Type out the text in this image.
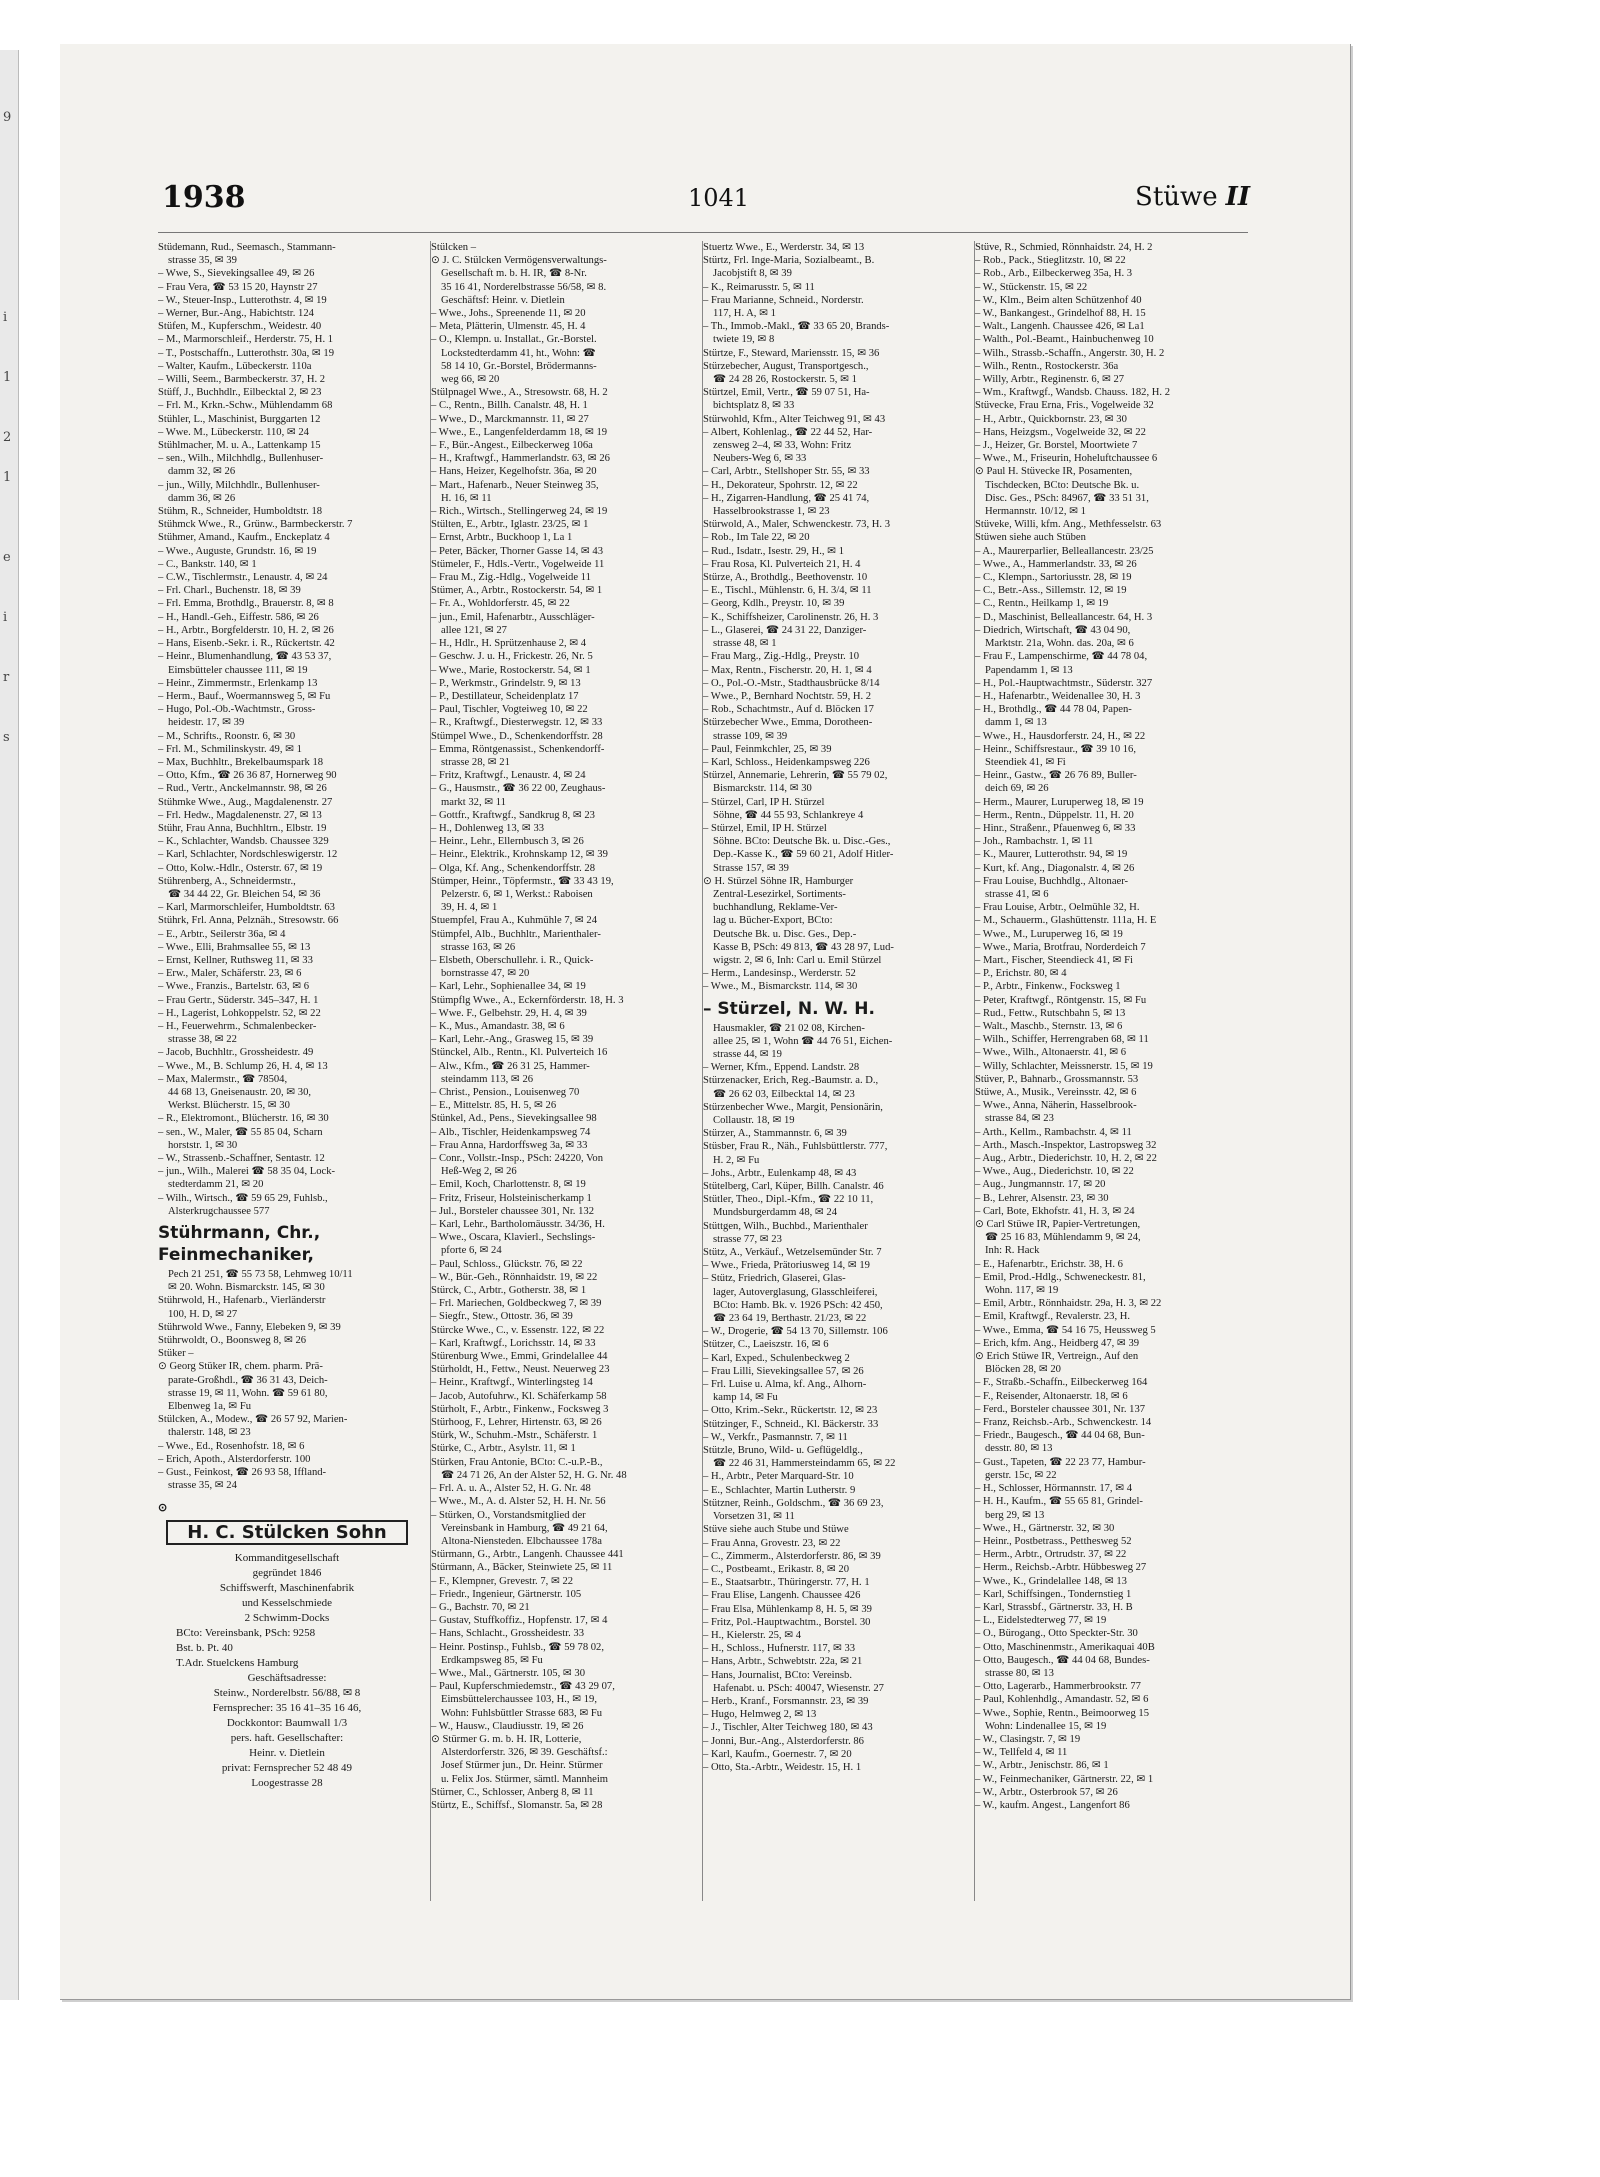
9
i
1
2
1
e
i
r
s
1938	1041	Stüwe II
Stüdemann, Rud., Seemasch., Stammann-
strasse 35, ✉ 39
– Wwe, S., Sievekingsallee 49, ✉ 26
– Frau Vera, ☎ 53 15 20, Haynstr 27
– W., Steuer-Insp., Lutterothstr. 4, ✉ 19
– Werner, Bur.-Ang., Habichtstr. 124
Stüfen, M., Kupferschm., Weidestr. 40
– M., Marmorschleif., Herderstr. 75, H. 1
– T., Postschaffn., Lutterothstr. 30a, ✉ 19
– Walter, Kaufm., Lübeckerstr. 110a
– Willi, Seem., Barmbeckerstr. 37, H. 2
Stüff, J., Buchhdlr., Eilbecktal 2, ✉ 23
– Frl. M., Krkn.-Schw., Mühlendamm 68
Stühler, L., Maschinist, Burggarten 12
– Wwe. M., Lübeckerstr. 110, ✉ 24
Stühlmacher, M. u. A., Lattenkamp 15
– sen., Wilh., Milchhdlg., Bullenhuser-
damm 32, ✉ 26
– jun., Willy, Milchhdlr., Bullenhuser-
damm 36, ✉ 26
Stühm, R., Schneider, Humboldtstr. 18
Stühmck Wwe., R., Grünw., Barmbeckerstr. 7
Stühmer, Amand., Kaufm., Enckeplatz 4
– Wwe., Auguste, Grundstr. 16, ✉ 19
– C., Bankstr. 140, ✉ 1
– C.W., Tischlermstr., Lenaustr. 4, ✉ 24
– Frl. Charl., Buchenstr. 18, ✉ 39
– Frl. Emma, Brothdlg., Brauerstr. 8, ✉ 8
– H., Handl.-Geh., Eiffestr. 586, ✉ 26
– H., Arbtr., Borgfelderstr. 10, H. 2, ✉ 26
– Hans, Eisenb.-Sekr. i. R., Rückertstr. 42
– Heinr., Blumenhandlung, ☎ 43 53 37,
Eimsbütteler chaussee 111, ✉ 19
– Heinr., Zimmermstr., Erlenkamp 13
– Herm., Bauf., Woermannsweg 5, ✉ Fu
– Hugo, Pol.-Ob.-Wachtmstr., Gross-
heidestr. 17, ✉ 39
– M., Schrifts., Roonstr. 6, ✉ 30
– Frl. M., Schmilinskystr. 49, ✉ 1
– Max, Buchhltr., Brekelbaumspark 18
– Otto, Kfm., ☎ 26 36 87, Hornerweg 90
– Rud., Vertr., Anckelmannstr. 98, ✉ 26
Stühmke Wwe., Aug., Magdalenenstr. 27
– Frl. Hedw., Magdalenenstr. 27, ✉ 13
Stühr, Frau Anna, Buchhltrn., Elbstr. 19
– K., Schlachter, Wandsb. Chaussee 329
– Karl, Schlachter, Nordschleswigerstr. 12
– Otto, Kolw.-Hdlr., Osterstr. 67, ✉ 19
Stührenberg, A., Schneidermstr.,
☎ 34 44 22, Gr. Bleichen 54, ✉ 36
– Karl, Marmorschleifer, Humboldtstr. 63
Stührk, Frl. Anna, Pelznäh., Stresowstr. 66
– E., Arbtr., Seilerstr 36a, ✉ 4
– Wwe., Elli, Brahmsallee 55, ✉ 13
– Ernst, Kellner, Ruthsweg 11, ✉ 33
– Erw., Maler, Schäferstr. 23, ✉ 6
– Wwe., Franzis., Bartelstr. 63, ✉ 6
– Frau Gertr., Süderstr. 345–347, H. 1
– H., Lagerist, Lohkoppelstr. 52, ✉ 22
– H., Feuerwehrm., Schmalenbecker-
strasse 38, ✉ 22
– Jacob, Buchhltr., Grossheidestr. 49
– Wwe., M., B. Schlump 26, H. 4, ✉ 13
– Max, Malermstr., ☎ 78504,
44 68 13, Gneisenaustr. 20, ✉ 30,
Werkst. Blücherstr. 15, ✉ 30
– R., Elektromont., Blücherstr. 16, ✉ 30
– sen., W., Maler, ☎ 55 85 04, Scharn
horststr. 1, ✉ 30
– W., Strassenb.-Schaffner, Sentastr. 12
– jun., Wilh., Malerei ☎ 58 35 04, Lock-
stedterdamm 21, ✉ 20
– Wilh., Wirtsch., ☎ 59 65 29, Fuhlsb.,
Alsterkrugchaussee 577
Stührmann, Chr., Feinmechaniker,
Pech 21 251, ☎ 55 73 58, Lehmweg 10/11
✉ 20. Wohn. Bismarckstr. 145, ✉ 30
Stührwold, H., Hafenarb., Vierländerstr
100, H. D, ✉ 27
Stührwold Wwe., Fanny, Elebeken 9, ✉ 39
Stührwoldt, O., Boonsweg 8, ✉ 26
Stüker –
⊙ Georg Stüker IR, chem. pharm. Prä-
parate-Großhdl., ☎ 36 31 43, Deich-
strasse 19, ✉ 11, Wohn. ☎ 59 61 80,
Elbenweg 1a, ✉ Fu
Stülcken, A., Modew., ☎ 26 57 92, Marien-
thalerstr. 148, ✉ 23
– Wwe., Ed., Rosenhofstr. 18, ✉ 6
– Erich, Apoth., Alsterdorferstr. 100
– Gust., Feinkost, ☎ 26 93 58, Iffland-
strasse 35, ✉ 24
⊙
H. C. Stülcken Sohn
Kommanditgesellschaft
gegründet 1846
Schiffswerft, Maschinenfabrik
und Kesselschmiede
2 Schwimm-Docks
BCto: Vereinsbank, PSch: 9258
Bst. b. Pt. 40
T.Adr. Stuelckens Hamburg
Geschäftsadresse:
Steinw., Norderelbstr. 56/88, ✉ 8
Fernsprecher: 35 16 41–35 16 46,
Dockkontor: Baumwall 1/3
pers. haft. Gesellschafter:
Heinr. v. Dietlein
privat: Fernsprecher 52 48 49
Loogestrasse 28
Stülcken –
⊙ J. C. Stülcken Vermögensverwaltungs-
Gesellschaft m. b. H. IR, ☎ 8-Nr.
35 16 41, Norderelbstrasse 56/58, ✉ 8.
Geschäftsf: Heinr. v. Dietlein
– Wwe., Johs., Spreenende 11, ✉ 20
– Meta, Plätterin, Ulmenstr. 45, H. 4
– O., Klempn. u. Installat., Gr.-Borstel.
Lockstedterdamm 41, ht., Wohn: ☎
58 14 10, Gr.-Borstel, Brödermanns-
weg 66, ✉ 20
Stülpnagel Wwe., A., Stresowstr. 68, H. 2
– C., Rentn., Billh. Canalstr. 48, H. 1
– Wwe., D., Marckmannstr. 11, ✉ 27
– Wwe., E., Langenfelderdamm 18, ✉ 19
– F., Bür.-Angest., Eilbeckerweg 106a
– H., Kraftwgf., Hammerlandstr. 63, ✉ 26
– Hans, Heizer, Kegelhofstr. 36a, ✉ 20
– Mart., Hafenarb., Neuer Steinweg 35,
H. 16, ✉ 11
– Rich., Wirtsch., Stellingerweg 24, ✉ 19
Stülten, E., Arbtr., Iglastr. 23/25, ✉ 1
– Ernst, Arbtr., Buckhoop 1, La 1
– Peter, Bäcker, Thorner Gasse 14, ✉ 43
Stümeler, F., Hdls.-Vertr., Vogelweide 11
– Frau M., Zig.-Hdlg., Vogelweide 11
Stümer, A., Arbtr., Rostockerstr. 54, ✉ 1
– Fr. A., Wohldorferstr. 45, ✉ 22
– jun., Emil, Hafenarbtr., Ausschläger-
allee 121, ✉ 27
– H., Hdlr., H. Sprützenhause 2, ✉ 4
– Geschw. J. u. H., Frickestr. 26, Nr. 5
– Wwe., Marie, Rostockerstr. 54, ✉ 1
– P., Werkmstr., Grindelstr. 9, ✉ 13
– P., Destillateur, Scheidenplatz 17
– Paul, Tischler, Vogteiweg 10, ✉ 22
– R., Kraftwgf., Diesterwegstr. 12, ✉ 33
Stümpel Wwe., D., Schenkendorffstr. 28
– Emma, Röntgenassist., Schenkendorff-
strasse 28, ✉ 21
– Fritz, Kraftwgf., Lenaustr. 4, ✉ 24
– G., Hausmstr., ☎ 36 22 00, Zeughaus-
markt 32, ✉ 11
– Gottfr., Kraftwgf., Sandkrug 8, ✉ 23
– H., Dohlenweg 13, ✉ 33
– Heinr., Lehr., Ellernbusch 3, ✉ 26
– Heinr., Elektrik., Krohnskamp 12, ✉ 39
– Olga, Kf. Ang., Schenkendorffstr. 28
Stümper, Heinr., Töpfermstr., ☎ 33 43 19,
Pelzerstr. 6, ✉ 1, Werkst.: Raboisen
39, H. 4, ✉ 1
Stuempfel, Frau A., Kuhmühle 7, ✉ 24
Stümpfel, Alb., Buchhltr., Marienthaler-
strasse 163, ✉ 26
– Elsbeth, Oberschullehr. i. R., Quick-
bornstrasse 47, ✉ 20
– Karl, Lehr., Sophienallee 34, ✉ 19
Stümpflg Wwe., A., Eckernförderstr. 18, H. 3
– Wwe. F., Gelbehstr. 29, H. 4, ✉ 39
– K., Mus., Amandastr. 38, ✉ 6
– Karl, Lehr.-Ang., Grasweg 15, ✉ 39
Stünckel, Alb., Rentn., Kl. Pulverteich 16
– Alw., Kfm., ☎ 26 31 25, Hammer-
steindamm 113, ✉ 26
– Christ., Pension., Louisenweg 70
– E., Mittelstr. 85, H. 5, ✉ 26
Stünkel, Ad., Pens., Sievekingsallee 98
– Alb., Tischler, Heidenkampsweg 74
– Frau Anna, Hardorffsweg 3a, ✉ 33
– Conr., Vollstr.-Insp., PSch: 24220, Von
Heß-Weg 2, ✉ 26
– Emil, Koch, Charlottenstr. 8, ✉ 19
– Fritz, Friseur, Holsteinischerkamp 1
– Jul., Borsteler chaussee 301, Nr. 132
– Karl, Lehr., Bartholomäusstr. 34/36, H.
– Wwe., Oscara, Klavierl., Sechslings-
pforte 6, ✉ 24
– Paul, Schloss., Glückstr. 76, ✉ 22
– W., Bür.-Geh., Rönnhaidstr. 19, ✉ 22
Stürck, C., Arbtr., Gotherstr. 38, ✉ 1
– Frl. Mariechen, Goldbeckweg 7, ✉ 39
– Siegfr., Stew., Ottostr. 36, ✉ 39
Stürcke Wwe., C., v. Essenstr. 122, ✉ 22
– Karl, Kraftwgf., Lorichsstr. 14, ✉ 33
Stürenburg Wwe., Emmi, Grindelallee 44
Stürholdt, H., Fettw., Neust. Neuerweg 23
– Heinr., Kraftwgf., Winterlingsteg 14
– Jacob, Autofuhrw., Kl. Schäferkamp 58
Stürholt, F., Arbtr., Finkenw., Focksweg 3
Stürhoog, F., Lehrer, Hirtenstr. 63, ✉ 26
Stürk, W., Schuhm.-Mstr., Schäferstr. 1
Stürke, C., Arbtr., Asylstr. 11, ✉ 1
Stürken, Frau Antonie, BCto: C.-u.P.-B.,
☎ 24 71 26, An der Alster 52, H. G. Nr. 48
– Frl. A. u. A., Alster 52, H. G. Nr. 48
– Wwe., M., A. d. Alster 52, H. H. Nr. 56
– Stürken, O., Vorstandsmitglied der
Vereinsbank in Hamburg, ☎ 49 21 64,
Altona-Niensteden. Elbchaussee 178a
Stürmann, G., Arbtr., Langenh. Chaussee 441
Stürmann, A., Bäcker, Steinwiete 25, ✉ 11
– F., Klempner, Grevestr. 7, ✉ 22
– Friedr., Ingenieur, Gärtnerstr. 105
– G., Bachstr. 70, ✉ 21
– Gustav, Stuffkoffiz., Hopfenstr. 17, ✉ 4
– Hans, Schlacht., Grossheidestr. 33
– Heinr. Postinsp., Fuhlsb., ☎ 59 78 02,
Erdkampsweg 85, ✉ Fu
– Wwe., Mal., Gärtnerstr. 105, ✉ 30
– Paul, Kupferschmiedemstr., ☎ 43 29 07,
Eimsbüttelerchaussee 103, H., ✉ 19,
Wohn: Fuhlsbüttler Strasse 683, ✉ Fu
– W., Hausw., Claudiusstr. 19, ✉ 26
⊙ Stürmer G. m. b. H. IR, Lotterie,
Alsterdorferstr. 326, ✉ 39. Geschäftsf.:
Josef Stürmer jun., Dr. Heinr. Stürmer
u. Felix Jos. Stürmer, sämtl. Mannheim
Stürner, C., Schlosser, Anberg 8, ✉ 11
Stürtz, E., Schiffsf., Slomanstr. 5a, ✉ 28
Stuertz Wwe., E., Werderstr. 34, ✉ 13
Stürtz, Frl. Inge-Maria, Sozialbeamt., B.
Jacobjstift 8, ✉ 39
– K., Reimarusstr. 5, ✉ 11
– Frau Marianne, Schneid., Norderstr.
117, H. A, ✉ 1
– Th., Immob.-Makl., ☎ 33 65 20, Brands-
twiete 19, ✉ 8
Stürtze, F., Steward, Mariensstr. 15, ✉ 36
Stürzebecher, August, Transportgesch.,
☎ 24 28 26, Rostockerstr. 5, ✉ 1
Stürtzel, Emil, Vertr., ☎ 59 07 51, Ha-
bichtsplatz 8, ✉ 33
Stürwohld, Kfm., Alter Teichweg 91, ✉ 43
– Albert, Kohlenlag., ☎ 22 44 52, Har-
zensweg 2–4, ✉ 33, Wohn: Fritz
Neubers-Weg 6, ✉ 33
– Carl, Arbtr., Stellshoper Str. 55, ✉ 33
– H., Dekorateur, Spohrstr. 12, ✉ 22
– H., Zigarren-Handlung, ☎ 25 41 74,
Hasselbrookstrasse 1, ✉ 23
Stürwold, A., Maler, Schwenckestr. 73, H. 3
– Rob., Im Tale 22, ✉ 20
– Rud., Isdatr., Isestr. 29, H., ✉ 1
– Frau Rosa, Kl. Pulverteich 21, H. 4
Stürze, A., Brothdlg., Beethovenstr. 10
– E., Tischl., Mühlenstr. 6, H. 3/4, ✉ 11
– Georg, Kdlh., Preystr. 10, ✉ 39
– K., Schiffsheizer, Carolinenstr. 26, H. 3
– L., Glaserei, ☎ 24 31 22, Danziger-
strasse 48, ✉ 1
– Frau Marg., Zig.-Hdlg., Preystr. 10
– Max, Rentn., Fischerstr. 20, H. 1, ✉ 4
– O., Pol.-O.-Mstr., Stadthausbrücke 8/14
– Wwe., P., Bernhard Nochtstr. 59, H. 2
– Rob., Schachtmstr., Auf d. Blöcken 17
Stürzebecher Wwe., Emma, Dorotheen-
strasse 109, ✉ 39
– Paul, Feinmkchler, 25, ✉ 39
– Karl, Schloss., Heidenkampsweg 226
Stürzel, Annemarie, Lehrerin, ☎ 55 79 02,
Bismarckstr. 114, ✉ 30
– Stürzel, Carl, IP H. Stürzel
Söhne, ☎ 44 55 93, Schlankreye 4
– Stürzel, Emil, IP H. Stürzel
Söhne. BCto: Deutsche Bk. u. Disc.-Ges.,
Dep.-Kasse K., ☎ 59 60 21, Adolf Hitler-
Strasse 157, ✉ 39
⊙ H. Stürzel Söhne IR, Hamburger
Zentral-Lesezirkel, Sortiments-
buchhandlung, Reklame-Ver-
lag u. Bücher-Export, BCto:
Deutsche Bk. u. Disc. Ges., Dep.-
Kasse B, PSch: 49 813, ☎ 43 28 97, Lud-
wigstr. 2, ✉ 6, Inh: Carl u. Emil Stürzel
– Herm., Landesinsp., Werderstr. 52
– Wwe., M., Bismarckstr. 114, ✉ 30
– Stürzel, N. W. H.
Hausmakler, ☎ 21 02 08, Kirchen-
allee 25, ✉ 1, Wohn ☎ 44 76 51, Eichen-
strasse 44, ✉ 19
– Werner, Kfm., Eppend. Landstr. 28
Stürzenacker, Erich, Reg.-Baumstr. a. D.,
☎ 26 62 03, Eilbecktal 14, ✉ 23
Stürzenbecher Wwe., Margit, Pensionärin,
Collaustr. 18, ✉ 19
Stürzer, A., Stammannstr. 6, ✉ 39
Stüsber, Frau R., Näh., Fuhlsbüttlerstr. 777,
H. 2, ✉ Fu
– Johs., Arbtr., Eulenkamp 48, ✉ 43
Stütelberg, Carl, Küper, Billh. Canalstr. 46
Stütler, Theo., Dipl.-Kfm., ☎ 22 10 11,
Mundsburgerdamm 48, ✉ 24
Stüttgen, Wilh., Buchbd., Marienthaler
strasse 77, ✉ 23
Stütz, A., Verkäuf., Wetzelsemünder Str. 7
– Wwe., Frieda, Prätoriusweg 14, ✉ 19
– Stütz, Friedrich, Glaserei, Glas-
lager, Autoverglasung, Glasschleiferei,
BCto: Hamb. Bk. v. 1926 PSch: 42 450,
☎ 23 64 19, Berthastr. 21/23, ✉ 22
– W., Drogerie, ☎ 54 13 70, Sillemstr. 106
Stützer, C., Laeiszstr. 16, ✉ 6
– Karl, Exped., Schulenbeckweg 2
– Frau Lilli, Sievekingsallee 57, ✉ 26
– Frl. Luise u. Alma, kf. Ang., Alhorn-
kamp 14, ✉ Fu
– Otto, Krim.-Sekr., Rückertstr. 12, ✉ 23
Stützinger, F., Schneid., Kl. Bäckerstr. 33
– W., Verkfr., Pasmannstr. 7, ✉ 11
Stützle, Bruno, Wild- u. Geflügeldlg.,
☎ 22 46 31, Hammersteindamm 65, ✉ 22
– H., Arbtr., Peter Marquard-Str. 10
– E., Schlachter, Martin Lutherstr. 9
Stützner, Reinh., Goldschm., ☎ 36 69 23,
Vorsetzen 31, ✉ 11
Stüve siehe auch Stube und Stüwe
– Frau Anna, Grovestr. 23, ✉ 22
– C., Zimmerm., Alsterdorferstr. 86, ✉ 39
– C., Postbeamt., Erikastr. 8, ✉ 20
– E., Staatsarbtr., Thüringerstr. 77, H. 1
– Frau Elise, Langenh. Chaussee 426
– Frau Elsa, Mühlenkamp 8, H. 5, ✉ 39
– Fritz, Pol.-Hauptwachtm., Borstel. 30
– H., Kielerstr. 25, ✉ 4
– H., Schloss., Hufnerstr. 117, ✉ 33
– Hans, Arbtr., Schwebtstr. 22a, ✉ 21
– Hans, Journalist, BCto: Vereinsb.
Hafenabt. u. PSch: 40047, Wiesenstr. 27
– Herb., Kranf., Forsmannstr. 23, ✉ 39
– Hugo, Helmweg 2, ✉ 13
– J., Tischler, Alter Teichweg 180, ✉ 43
– Jonni, Bur.-Ang., Alsterdorferstr. 86
– Karl, Kaufm., Goernestr. 7, ✉ 20
– Otto, Sta.-Arbtr., Weidestr. 15, H. 1
Stüve, R., Schmied, Rönnhaidstr. 24, H. 2
– Rob., Pack., Stieglitzstr. 10, ✉ 22
– Rob., Arb., Eilbeckerweg 35a, H. 3
– W., Stückenstr. 15, ✉ 22
– W., Klm., Beim alten Schützenhof 40
– W., Bankangest., Grindelhof 88, H. 15
– Walt., Langenh. Chaussee 426, ✉ La1
– Walth., Pol.-Beamt., Hainbuchenweg 10
– Wilh., Strassb.-Schaffn., Angerstr. 30, H. 2
– Wilh., Rentn., Rostockerstr. 36a
– Willy, Arbtr., Reginenstr. 6, ✉ 27
– Wm., Kraftwgf., Wandsb. Chauss. 182, H. 2
Stüvecke, Frau Erna, Fris., Vogelweide 32
– H., Arbtr., Quickbornstr. 23, ✉ 30
– Hans, Heizgsm., Vogelweide 32, ✉ 22
– J., Heizer, Gr. Borstel, Moortwiete 7
– Wwe., M., Friseurin, Hoheluftchaussee 6
⊙ Paul H. Stüvecke IR, Posamenten,
Tischdecken, BCto: Deutsche Bk. u.
Disc. Ges., PSch: 84967, ☎ 33 51 31,
Hermannstr. 10/12, ✉ 1
Stüveke, Willi, kfm. Ang., Methfesselstr. 63
Stüwen siehe auch Stüben
– A., Maurerparlier, Belleallancestr. 23/25
– Wwe., A., Hammerlandstr. 33, ✉ 26
– C., Klempn., Sartoriusstr. 28, ✉ 19
– C., Betr.-Ass., Sillemstr. 12, ✉ 19
– C., Rentn., Heilkamp 1, ✉ 19
– D., Maschinist, Belleallancestr. 64, H. 3
– Diedrich, Wirtschaft, ☎ 43 04 90,
Marktstr. 21a, Wohn. das. 20a, ✉ 6
– Frau F., Lampenschirme, ☎ 44 78 04,
Papendamm 1, ✉ 13
– H., Pol.-Hauptwachtmstr., Süderstr. 327
– H., Hafenarbtr., Weidenallee 30, H. 3
– H., Brothdlg., ☎ 44 78 04, Papen-
damm 1, ✉ 13
– Wwe., H., Hausdorferstr. 24, H., ✉ 22
– Heinr., Schiffsrestaur., ☎ 39 10 16,
Steendiek 41, ✉ Fi
– Heinr., Gastw., ☎ 26 76 89, Buller-
deich 69, ✉ 26
– Herm., Maurer, Luruperweg 18, ✉ 19
– Herm., Rentn., Düppelstr. 11, H. 20
– Hinr., Straßenr., Pfauenweg 6, ✉ 33
– Joh., Rambachstr. 1, ✉ 11
– K., Maurer, Lutterothstr. 94, ✉ 19
– Kurt, kf. Ang., Diagonalstr. 4, ✉ 26
– Frau Louise, Buchhdlg., Altonaer-
strasse 41, ✉ 6
– Frau Louise, Arbtr., Oelmühle 32, H.
– M., Schauerm., Glashüttenstr. 111a, H. E
– Wwe., M., Luruperweg 16, ✉ 19
– Wwe., Maria, Brotfrau, Norderdeich 7
– Mart., Fischer, Steendieck 41, ✉ Fi
– P., Erichstr. 80, ✉ 4
– P., Arbtr., Finkenw., Focksweg 1
– Peter, Kraftwgf., Röntgenstr. 15, ✉ Fu
– Rud., Fettw., Rutschbahn 5, ✉ 13
– Walt., Maschb., Sternstr. 13, ✉ 6
– Wilh., Schiffer, Herrengraben 68, ✉ 11
– Wwe., Wilh., Altonaerstr. 41, ✉ 6
– Willy, Schlachter, Meissnerstr. 15, ✉ 19
Stüver, P., Bahnarb., Grossmannstr. 53
Stüwe, A., Musik., Vereinsstr. 42, ✉ 6
– Wwe., Anna, Näherin, Hasselbrook-
strasse 84, ✉ 23
– Arth., Kellm., Rambachstr. 4, ✉ 11
– Arth., Masch.-Inspektor, Lastropsweg 32
– Aug., Arbtr., Diederichstr. 10, H. 2, ✉ 22
– Wwe., Aug., Diederichstr. 10, ✉ 22
– Aug., Jungmannstr. 17, ✉ 20
– B., Lehrer, Alsenstr. 23, ✉ 30
– Carl, Bote, Ekhofstr. 41, H. 3, ✉ 24
⊙ Carl Stüwe IR, Papier-Vertretungen,
☎ 25 16 83, Mühlendamm 9, ✉ 24,
Inh: R. Hack
– E., Hafenarbtr., Erichstr. 38, H. 6
– Emil, Prod.-Hdlg., Schweneckestr. 81,
Wohn. 117, ✉ 19
– Emil, Arbtr., Rönnhaidstr. 29a, H. 3, ✉ 22
– Emil, Kraftwgf., Revalerstr. 23, H.
– Wwe., Emma, ☎ 54 16 75, Heussweg 5
– Erich, kfm. Ang., Heidberg 47, ✉ 39
⊙ Erich Stüwe IR, Vertreign., Auf den
Blöcken 28, ✉ 20
– F., Straßb.-Schaffn., Eilbeckerweg 164
– F., Reisender, Altonaerstr. 18, ✉ 6
– Ferd., Borsteler chaussee 301, Nr. 137
– Franz, Reichsb.-Arb., Schwenckestr. 14
– Friedr., Baugesch., ☎ 44 04 68, Bun-
desstr. 80, ✉ 13
– Gust., Tapeten, ☎ 22 23 77, Hambur-
gerstr. 15c, ✉ 22
– H., Schlosser, Hörmannstr. 17, ✉ 4
– H. H., Kaufm., ☎ 55 65 81, Grindel-
berg 29, ✉ 13
– Wwe., H., Gärtnerstr. 32, ✉ 30
– Heinr., Postbetrass., Petthesweg 52
– Herm., Arbtr., Ortrudstr. 37, ✉ 22
– Herm., Reichsb.-Arbtr. Hübbesweg 27
– Wwe., K., Grindelallee 148, ✉ 13
– Karl, Schiffsingen., Tondernstieg 1
– Karl, Strassbf., Gärtnerstr. 33, H. B
– L., Eidelstedterweg 77, ✉ 19
– O., Bürogang., Otto Speckter-Str. 30
– Otto, Maschinenmstr., Amerikaquai 40B
– Otto, Baugesch., ☎ 44 04 68, Bundes-
strasse 80, ✉ 13
– Otto, Lagerarb., Hammerbrookstr. 77
– Paul, Kohlenhdlg., Amandastr. 52, ✉ 6
– Wwe., Sophie, Rentn., Beimoorweg 15
Wohn: Lindenallee 15, ✉ 19
– W., Clasingstr. 7, ✉ 19
– W., Tellfeld 4, ✉ 11
– W., Arbtr., Jenischstr. 86, ✉ 1
– W., Feinmechaniker, Gärtnerstr. 22, ✉ 1
– W., Arbtr., Osterbrook 57, ✉ 26
– W., kaufm. Angest., Langenfort 86
